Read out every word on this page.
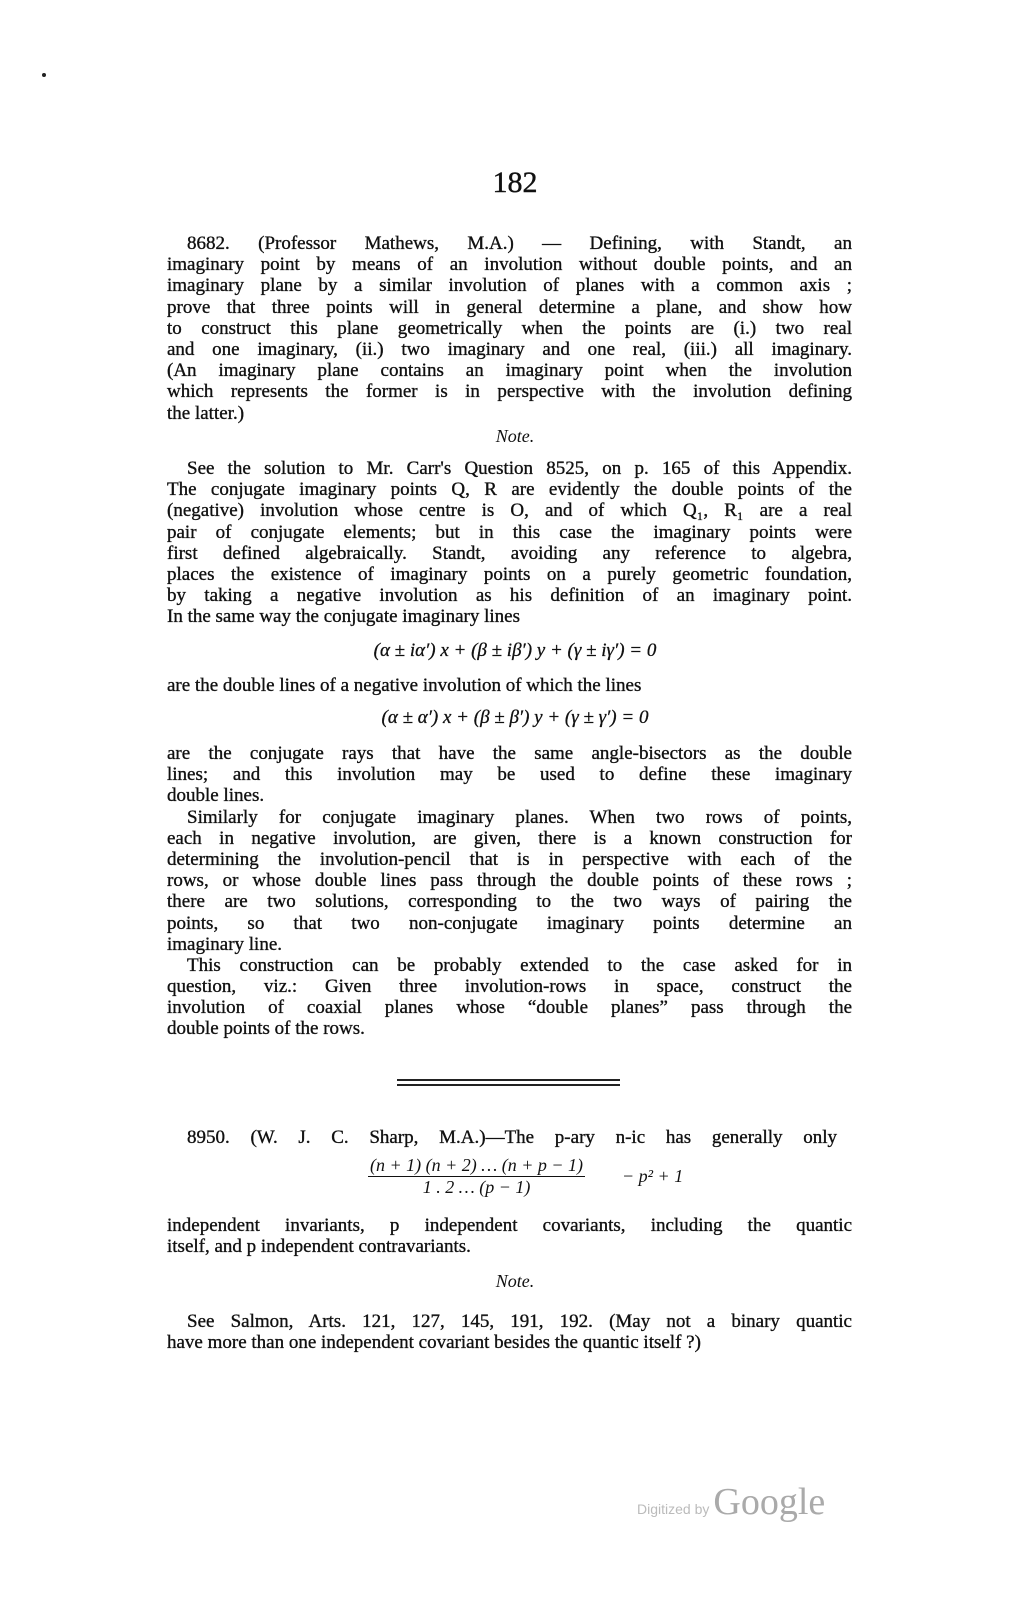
182
8682. (Professor Mathews, M.A.) — Defining, with Standt, an
imaginary point by means of an involution without double points, and an
imaginary plane by a similar involution of planes with a common axis ;
prove that three points will in general determine a plane, and show how
to construct this plane geometrically when the points are (i.) two real
and one imaginary, (ii.) two imaginary and one real, (iii.) all imaginary.
(An imaginary plane contains an imaginary point when the involution
which represents the former is in perspective with the involution defining
the latter.)
Note.
See the solution to Mr. Carr's Question 8525, on p. 165 of this Appendix.
The conjugate imaginary points Q, R are evidently the double points of the
(negative) involution whose centre is O, and of which Q₁, R₁ are a real
pair of conjugate elements; but in this case the imaginary points were
first defined algebraically. Standt, avoiding any reference to algebra,
places the existence of imaginary points on a purely geometric foundation,
by taking a negative involution as his definition of an imaginary point.
In the same way the conjugate imaginary lines
(α ± iα′) x + (β ± iβ′) y + (γ ± iγ′) = 0
are the double lines of a negative involution of which the lines
(α ± α′) x + (β ± β′) y + (γ ± γ′) = 0
are the conjugate rays that have the same angle-bisectors as the double
lines; and this involution may be used to define these imaginary
double lines.
Similarly for conjugate imaginary planes. When two rows of points,
each in negative involution, are given, there is a known construction for
determining the involution-pencil that is in perspective with each of the
rows, or whose double lines pass through the double points of these rows ;
there are two solutions, corresponding to the two ways of pairing the
points, so that two non-conjugate imaginary points determine an
imaginary line.
This construction can be probably extended to the case asked for in
question, viz.: Given three involution-rows in space, construct the
involution of coaxial planes whose “double planes” pass through the
double points of the rows.
8950. (W. J. C. Sharp, M.A.)—The p-ary n-ic has generally only
$\frac{(n + 1) (n + 2) \dots (n + p - 1)}{1 . 2 \dots (p - 1)} - p^2 + 1$
independent invariants, p independent covariants, including the quantic
itself, and p independent contravariants.
Note.
See Salmon, Arts. 121, 127, 145, 191, 192. (May not a binary quantic
have more than one independent covariant besides the quantic itself ?)
Digitized by Google
